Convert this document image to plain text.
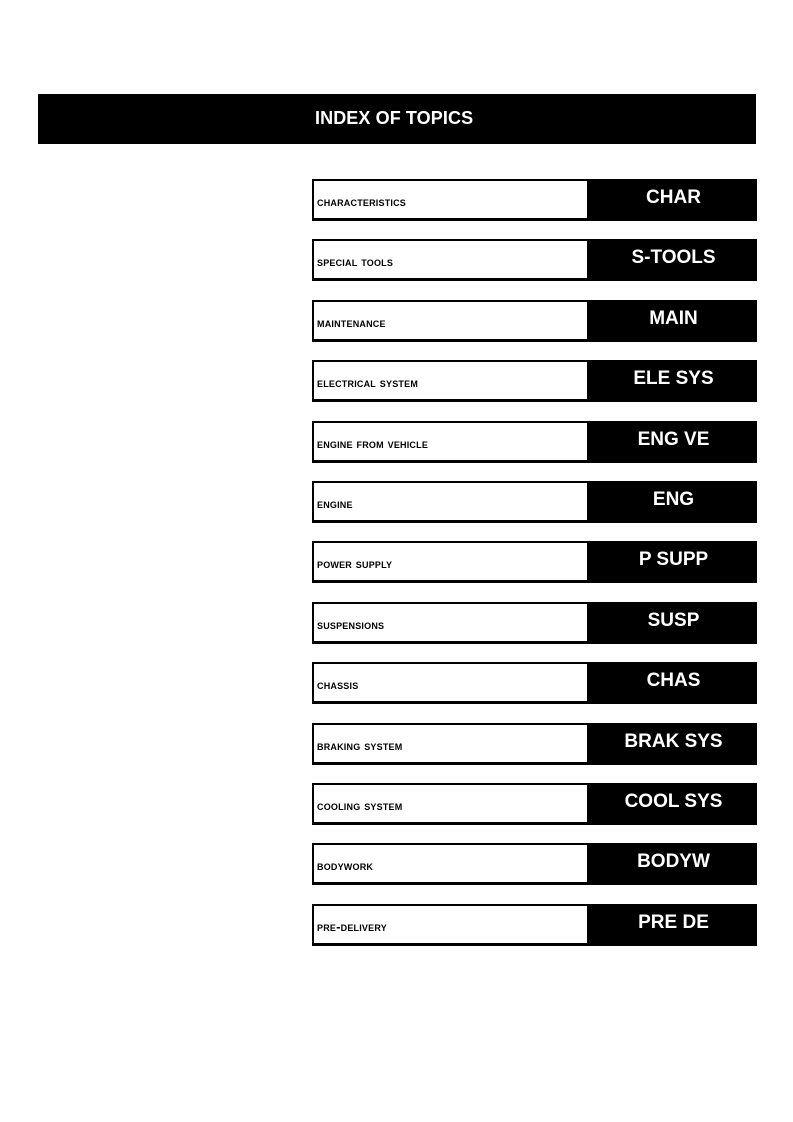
INDEX OF TOPICS
characteristics	CHAR
special tools	S-TOOLS
maintenance	MAIN
electrical system	ELE SYS
engine from vehicle	ENG VE
engine	ENG
power supply	P SUPP
suspensions	SUSP
chassis	CHAS
braking system	BRAK SYS
cooling system	COOL SYS
bodywork	BODYW
pre-delivery	PRE DE
